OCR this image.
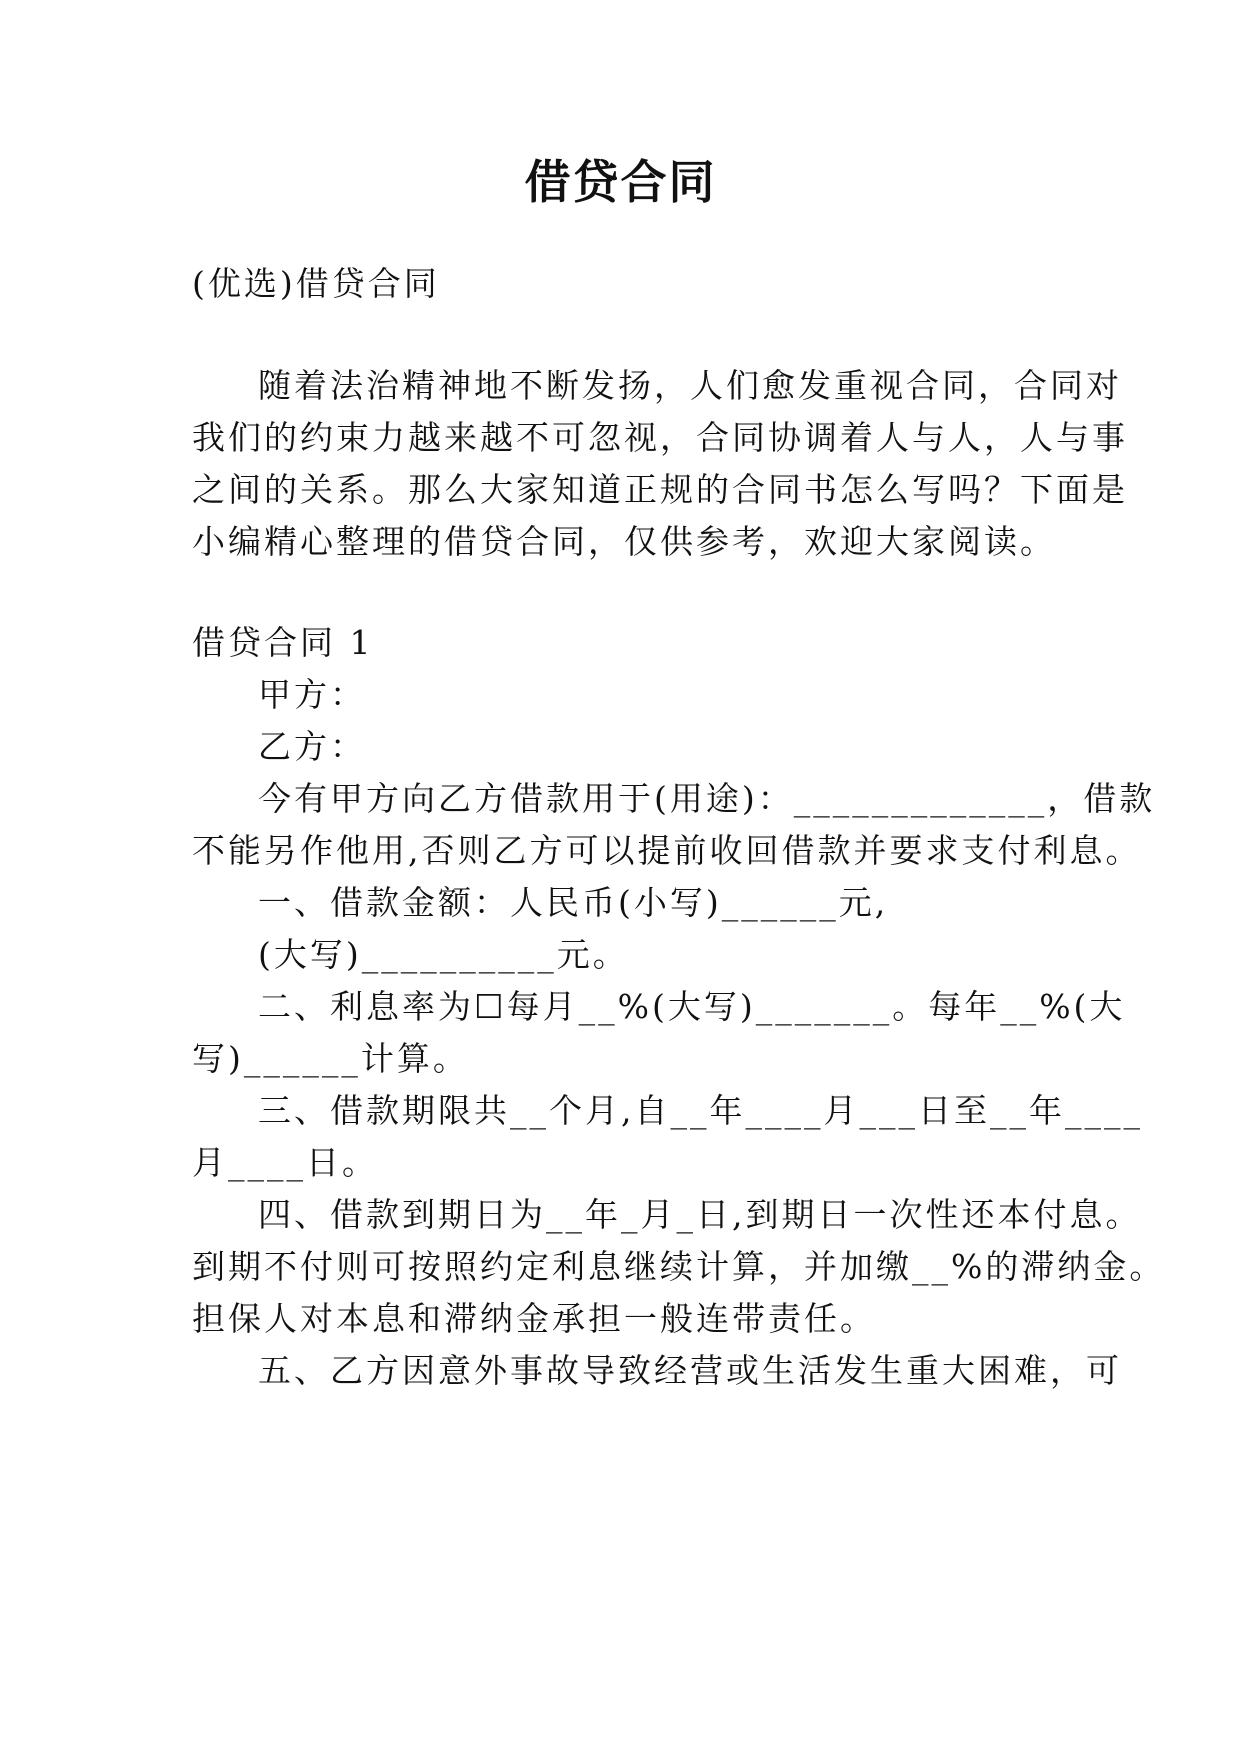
借贷合同
(优选)借贷合同
随着法治精神地不断发扬，人们愈发重视合同，合同对
我们的约束力越来越不可忽视，合同协调着人与人，人与事
之间的关系。那么大家知道正规的合同书怎么写吗？下面是
小编精心整理的借贷合同，仅供参考，欢迎大家阅读。
借贷合同 1
甲方：
乙方：
今有甲方向乙方借款用于(用途)：_____________，借款
不能另作他用,否则乙方可以提前收回借款并要求支付利息。
一、借款金额：人民币(小写)______元,
(大写)__________元。
二、利息率为☐每月__%(大写)_______。每年__%(大
写)______计算。
三、借款期限共__个月,自__年____月___日至__年____
月____日。
四、借款到期日为__年_月_日,到期日一次性还本付息。
到期不付则可按照约定利息继续计算，并加缴__%的滞纳金。
担保人对本息和滞纳金承担一般连带责任。
五、乙方因意外事故导致经营或生活发生重大困难，可
